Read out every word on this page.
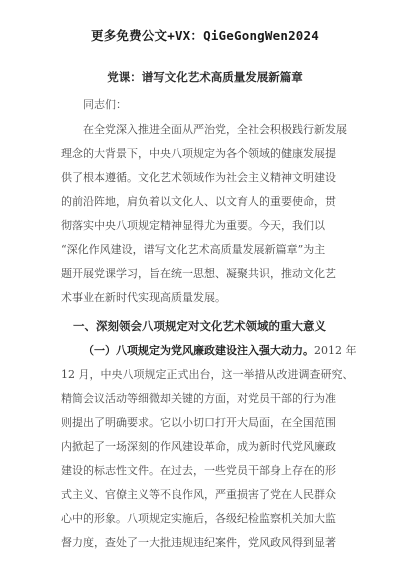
更多免费公文+VX：QiGeGongWen2024
党课：谱写文化艺术高质量发展新篇章
同志们：
在全党深入推进全面从严治党，全社会积极践行新发展
理念的大背景下，中央八项规定为各个领域的健康发展提
供了根本遵循。文化艺术领域作为社会主义精神文明建设
的前沿阵地，肩负着以文化人、以文育人的重要使命，贯
彻落实中央八项规定精神显得尤为重要。今天，我们以
“深化作风建设，谱写文化艺术高质量发展新篇章”为主
题开展党课学习，旨在统一思想、凝聚共识，推动文化艺
术事业在新时代实现高质量发展。
一、深刻领会八项规定对文化艺术领域的重大意义
（一）八项规定为党风廉政建设注入强大动力。2012 年
12 月，中央八项规定正式出台，这一举措从改进调查研究、
精简会议活动等细微却关键的方面，对党员干部的行为准
则提出了明确要求。它以小切口打开大局面，在全国范围
内掀起了一场深刻的作风建设革命，成为新时代党风廉政
建设的标志性文件。在过去，一些党员干部身上存在的形
式主义、官僚主义等不良作风，严重损害了党在人民群众
心中的形象。八项规定实施后，各级纪检监察机关加大监
督力度，查处了一大批违规违纪案件，党风政风得到显著
